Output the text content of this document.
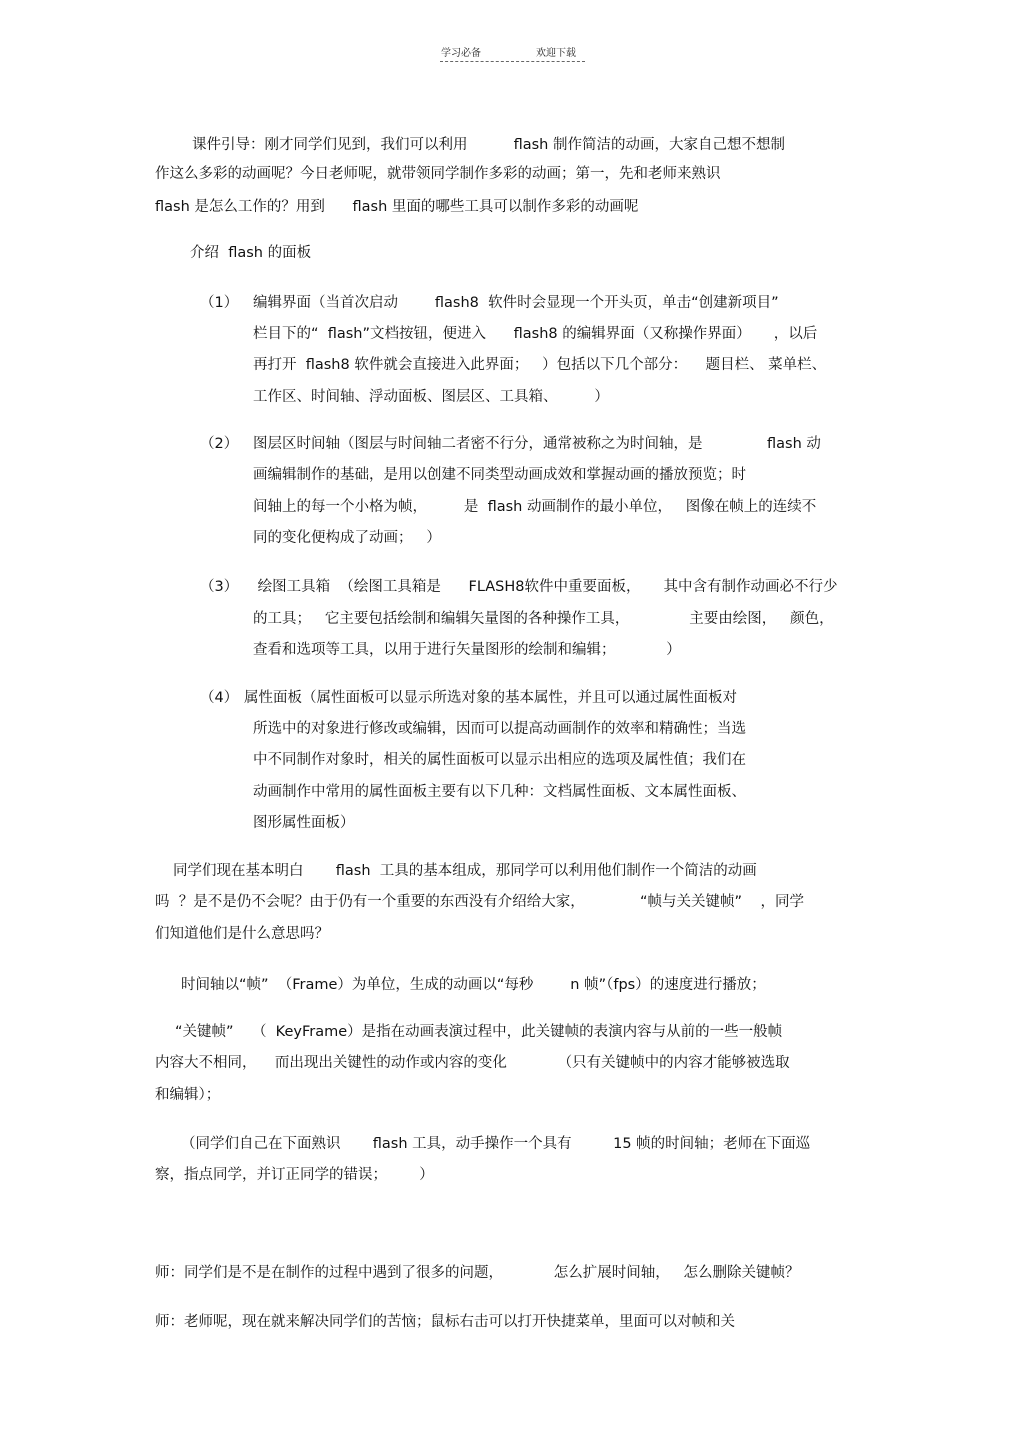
学习必备	欢迎下载
课件引导：刚才同学们见到，我们可以利用          flash 制作简洁的动画，大家自己想不想制
作这么多彩的动画呢？今日老师呢，就带领同学制作多彩的动画；第一，先和老师来熟识
flash 是怎么工作的？用到      flash 里面的哪些工具可以制作多彩的动画呢
介绍  flash 的面板
（1） 编辑界面（当首次启动        flash8  软件时会显现一个开头页，单击“创建新项目”
栏目下的“  flash”文档按钮，便进入      flash8 的编辑界面（又称操作界面）     ，以后
再打开  flash8 软件就会直接进入此界面；   ）包括以下几个部分：    题目栏、 菜单栏、
工作区、时间轴、浮动面板、图层区、工具箱、        ）
（2） 图层区时间轴（图层与时间轴二者密不行分，通常被称之为时间轴，是              flash 动
画编辑制作的基础，是用以创建不同类型动画成效和掌握动画的播放预览；时
间轴上的每一个小格为帧，        是  flash 动画制作的最小单位，   图像在帧上的连续不
同的变化便构成了动画；   ）
（3） 绘图工具箱  （绘图工具箱是      FLASH8软件中重要面板，     其中含有制作动画必不行少
的工具；   它主要包括绘制和编辑矢量图的各种操作工具，             主要由绘图，   颜色，
查看和选项等工具，以用于进行矢量图形的绘制和编辑；           ）
（4） 属性面板（属性面板可以显示所选对象的基本属性，并且可以通过属性面板对
所选中的对象进行修改或编辑，因而可以提高动画制作的效率和精确性；当选
中不同制作对象时，相关的属性面板可以显示出相应的选项及属性值；我们在
动画制作中常用的属性面板主要有以下几种：文档属性面板、文本属性面板、
图形属性面板）
同学们现在基本明白       flash  工具的基本组成，那同学可以利用他们制作一个简洁的动画
吗  ？是不是仍不会呢？由于仍有一个重要的东西没有介绍给大家，            “帧与关关键帧”    ，同学
们知道他们是什么意思吗？
时间轴以“帧”  （Frame）为单位，生成的动画以“每秒        n 帧”（fps）的速度进行播放；
“关键帧”    （  KeyFrame）是指在动画表演过程中，此关键帧的表演内容与从前的一些一般帧
内容大不相同，    而出现出关键性的动作或内容的变化           （只有关键帧中的内容才能够被选取
和编辑）；
（同学们自己在下面熟识       flash 工具，动手操作一个具有         15 帧的时间轴；老师在下面巡
察，指点同学，并订正同学的错误；       ）
师：同学们是不是在制作的过程中遇到了很多的问题，           怎么扩展时间轴，   怎么删除关键帧？
师：老师呢，现在就来解决同学们的苦恼；鼠标右击可以打开快捷菜单，里面可以对帧和关
